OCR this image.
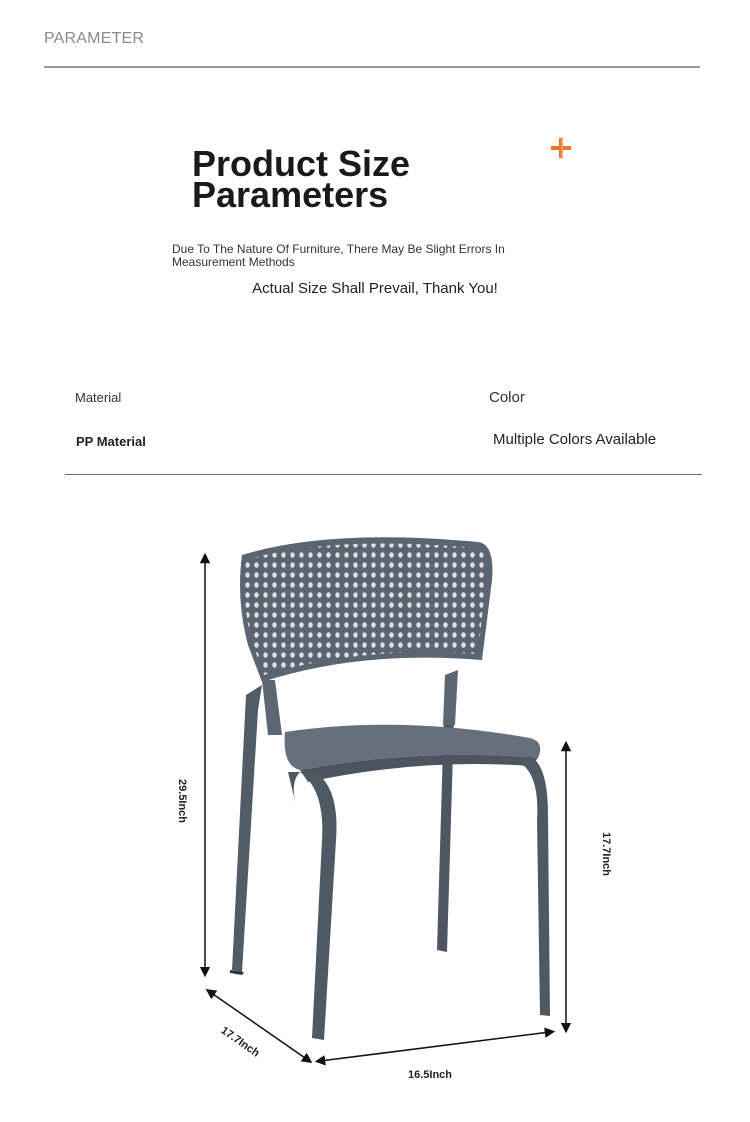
PARAMETER
Product Size
Parameters
Due To The Nature Of Furniture, There May Be Slight Errors In Measurement Methods
Actual Size Shall Prevail, Thank You!
Material
PP Material
Color
Multiple Colors Available
29.5Inch
17.7Inch
17.7Inch
16.5Inch
